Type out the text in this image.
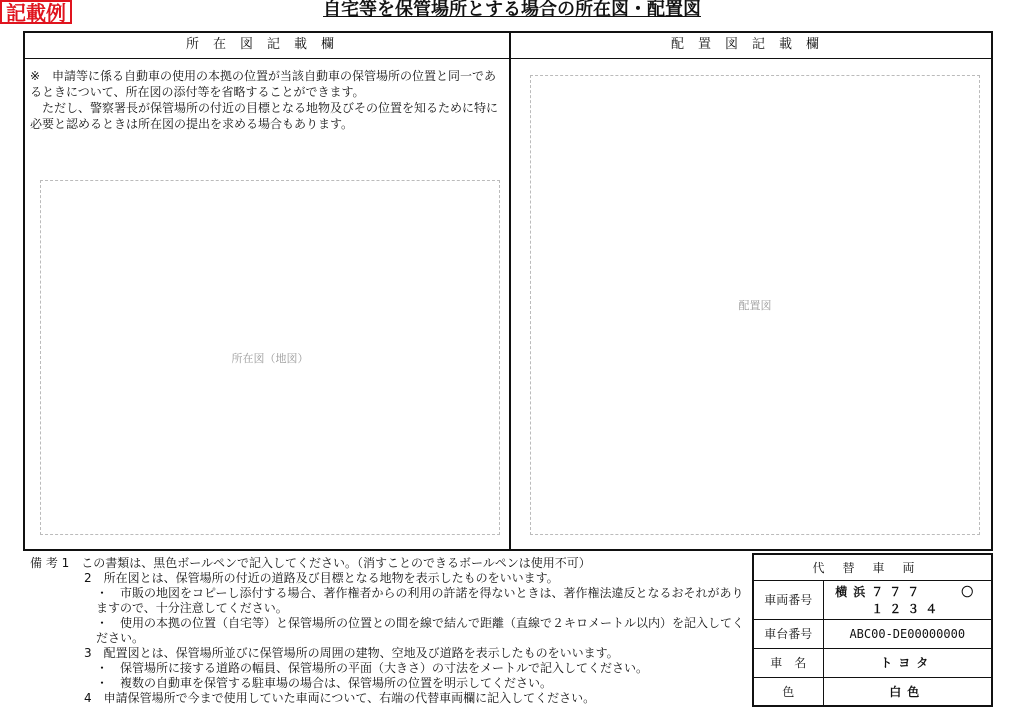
記載例	自宅等を保管場所とする場合の所在図・配置図
所在図記載欄	配置図記載欄
※　申請等に係る自動車の使用の本拠の位置が当該自動車の保管場所の位置と同一であるときについて、所在図の添付等を省略することができます。
ただし、警察署長が保管場所の付近の目標となる地物及びその位置を知るために特に必要と認めるときは所在図の提出を求める場合もあります。
所在図（地図）
配置図
備 考 1　この書類は、黒色ボールペンで記入してください。（消すことのできるボールペンは使用不可）
2　所在図とは、保管場所の付近の道路及び目標となる地物を表示したものをいいます。
・　市販の地図をコピーし添付する場合、著作権者からの利用の許諾を得ないときは、著作権法違反となるおそれがありますので、十分注意してください。
・　使用の本拠の位置（自宅等）と保管場所の位置との間を線で結んで距離（直線で２キロメートル以内）を記入してください。
3　配置図とは、保管場所並びに保管場所の周囲の建物、空地及び道路を表示したものをいいます。
・　保管場所に接する道路の幅員、保管場所の平面（大きさ）の寸法をメートルで記入してください。
・　複数の自動車を保管する駐車場の場合は、保管場所の位置を明示してください。
4　申請保管場所で今まで使用していた車両について、右端の代替車両欄に記入してください。
代替車両	
車両番号	横浜７７７　　〇　１２３４
車台番号	ABC00-DE00000000
車　名	トヨタ
色	白色
